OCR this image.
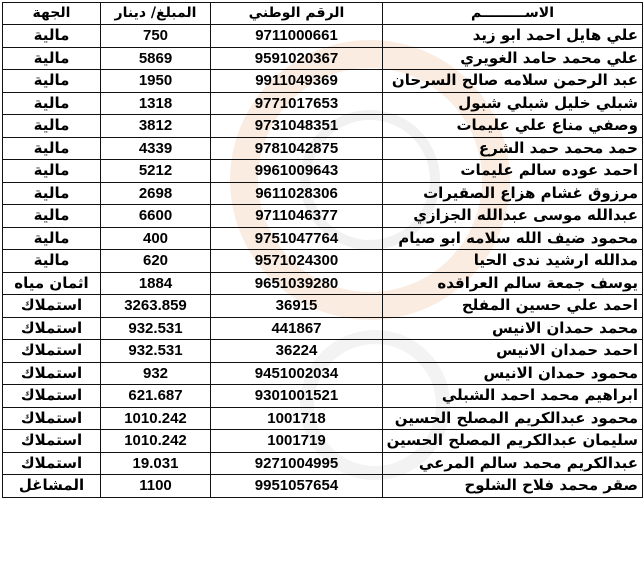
الاســـــــــم	الرقم الوطني	المبلغ/ دينار	الجهة
علي هايل احمد ابو زيد	9711000661	750	مالية
علي محمد حامد الغويري	9591020367	5869	مالية
عبد الرحمن سلامه صالح السرحان	9911049369	1950	مالية
شبلي خليل شبلي شبول	9771017653	1318	مالية
وصفي مناع علي عليمات	9731048351	3812	مالية
حمد محمد حمد الشرع	9781042875	4339	مالية
احمد عوده سالم عليمات	9961009643	5212	مالية
مرزوق غشام هزاع الصقيرات	9611028306	2698	مالية
عبدالله موسى عبدالله الجزازي	9711046377	6600	مالية
محمود ضيف الله سلامه ابو صيام	9751047764	400	مالية
مدالله ارشيد ندى الحيا	9571024300	620	مالية
يوسف جمعة سالم العراقده	9651039280	1884	اثمان مياه
احمد علي حسين المفلح	36915	3263.859	استملاك
محمد حمدان الانيس	441867	932.531	استملاك
احمد حمدان الانيس	36224	932.531	استملاك
محمود حمدان الانيس	9451002034	932	استملاك
ابراهيم محمد احمد الشبلي	9301001521	621.687	استملاك
محمود عبدالكريم المصلح الحسين	1001718	1010.242	استملاك
سليمان عبدالكريم المصلح الحسين	1001719	1010.242	استملاك
عبدالكريم محمد سالم المرعي	9271004995	19.031	استملاك
صقر محمد فلاح الشلوح	9951057654	1100	المشاغل
